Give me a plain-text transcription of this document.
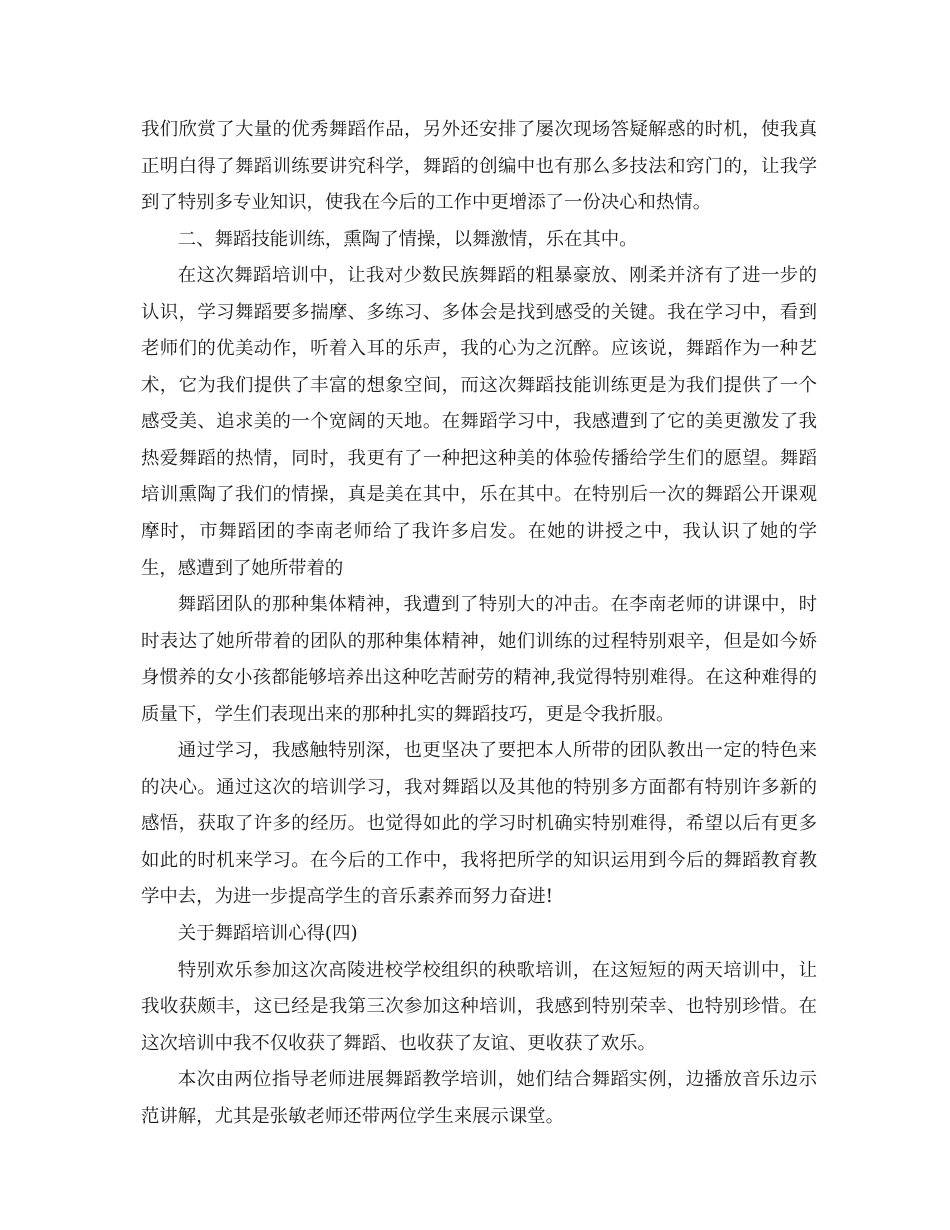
我们欣赏了大量的优秀舞蹈作品，另外还安排了屡次现场答疑解惑的时机，使我真正明白得了舞蹈训练要讲究科学，舞蹈的创编中也有那么多技法和窍门的，让我学到了特别多专业知识，使我在今后的工作中更增添了一份决心和热情。

二、舞蹈技能训练，熏陶了情操，以舞激情，乐在其中。

在这次舞蹈培训中，让我对少数民族舞蹈的粗暴豪放、刚柔并济有了进一步的认识，学习舞蹈要多揣摩、多练习、多体会是找到感受的关键。我在学习中，看到老师们的优美动作，听着入耳的乐声，我的心为之沉醉。应该说，舞蹈作为一种艺术，它为我们提供了丰富的想象空间，而这次舞蹈技能训练更是为我们提供了一个感受美、追求美的一个宽阔的天地。在舞蹈学习中，我感遭到了它的美更激发了我热爱舞蹈的热情，同时，我更有了一种把这种美的体验传播给学生们的愿望。舞蹈培训熏陶了我们的情操，真是美在其中，乐在其中。在特别后一次的舞蹈公开课观摩时，市舞蹈团的李南老师给了我许多启发。在她的讲授之中，我认识了她的学生，感遭到了她所带着的

舞蹈团队的那种集体精神，我遭到了特别大的冲击。在李南老师的讲课中，时时表达了她所带着的团队的那种集体精神，她们训练的过程特别艰辛，但是如今娇身惯养的女小孩都能够培养出这种吃苦耐劳的精神,我觉得特别难得。在这种难得的质量下，学生们表现出来的那种扎实的舞蹈技巧，更是令我折服。

通过学习，我感触特别深，也更坚决了要把本人所带的团队教出一定的特色来的决心。通过这次的培训学习，我对舞蹈以及其他的特别多方面都有特别许多新的感悟，获取了许多的经历。也觉得如此的学习时机确实特别难得，希望以后有更多如此的时机来学习。在今后的工作中，我将把所学的知识运用到今后的舞蹈教育教学中去，为进一步提高学生的音乐素养而努力奋进!

关于舞蹈培训心得(四)

特别欢乐参加这次高陵进校学校组织的秧歌培训，在这短短的两天培训中，让我收获颇丰，这已经是我第三次参加这种培训，我感到特别荣幸、也特别珍惜。在这次培训中我不仅收获了舞蹈、也收获了友谊、更收获了欢乐。

本次由两位指导老师进展舞蹈教学培训，她们结合舞蹈实例，边播放音乐边示范讲解，尤其是张敏老师还带两位学生来展示课堂。
